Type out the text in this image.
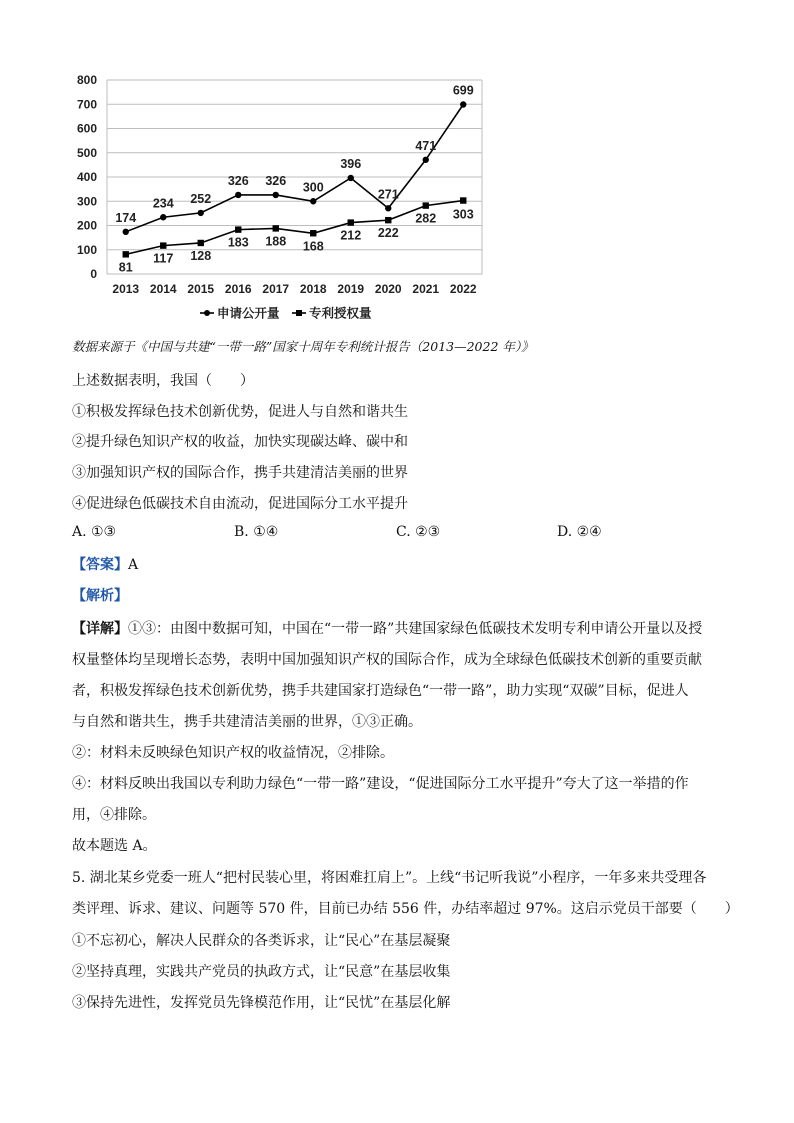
0
100
200
300
400
500
600
700
800
2013 2014 2015 2016 2017 2018 2019 2020 2021 2022
174
234 252
326 326 300
396
271
471
699
81
117 128
183 188 168
212 222
282 303
申请公开量 专利授权量
数据来源于《中国与共建“一带一路”国家十周年专利统计报告（2013—2022 年）》
上述数据表明，我国（　　）
①积极发挥绿色技术创新优势，促进人与自然和谐共生
②提升绿色知识产权的收益，加快实现碳达峰、碳中和
③加强知识产权的国际合作，携手共建清洁美丽的世界
④促进绿色低碳技术自由流动，促进国际分工水平提升
A. ①③	B. ①④	C. ②③	D. ②④
【答案】A
【解析】
【详解】①③：由图中数据可知，中国在“一带一路”共建国家绿色低碳技术发明专利申请公开量以及授
权量整体均呈现增长态势，表明中国加强知识产权的国际合作，成为全球绿色低碳技术创新的重要贡献
者，积极发挥绿色技术创新优势，携手共建国家打造绿色“一带一路”，助力实现“双碳”目标，促进人
与自然和谐共生，携手共建清洁美丽的世界，①③正确。
②：材料未反映绿色知识产权的收益情况，②排除。
④：材料反映出我国以专利助力绿色“一带一路”建设，“促进国际分工水平提升”夸大了这一举措的作
用，④排除。
故本题选 A。
5. 湖北某乡党委一班人“把村民装心里，将困难扛肩上”。上线“书记听我说”小程序，一年多来共受理各
类评理、诉求、建议、问题等 570 件，目前已办结 556 件，办结率超过 97%。这启示党员干部要（　　）
①不忘初心，解决人民群众的各类诉求，让“民心”在基层凝聚
②坚持真理，实践共产党员的执政方式，让“民意”在基层收集
③保持先进性，发挥党员先锋模范作用，让“民忧”在基层化解
